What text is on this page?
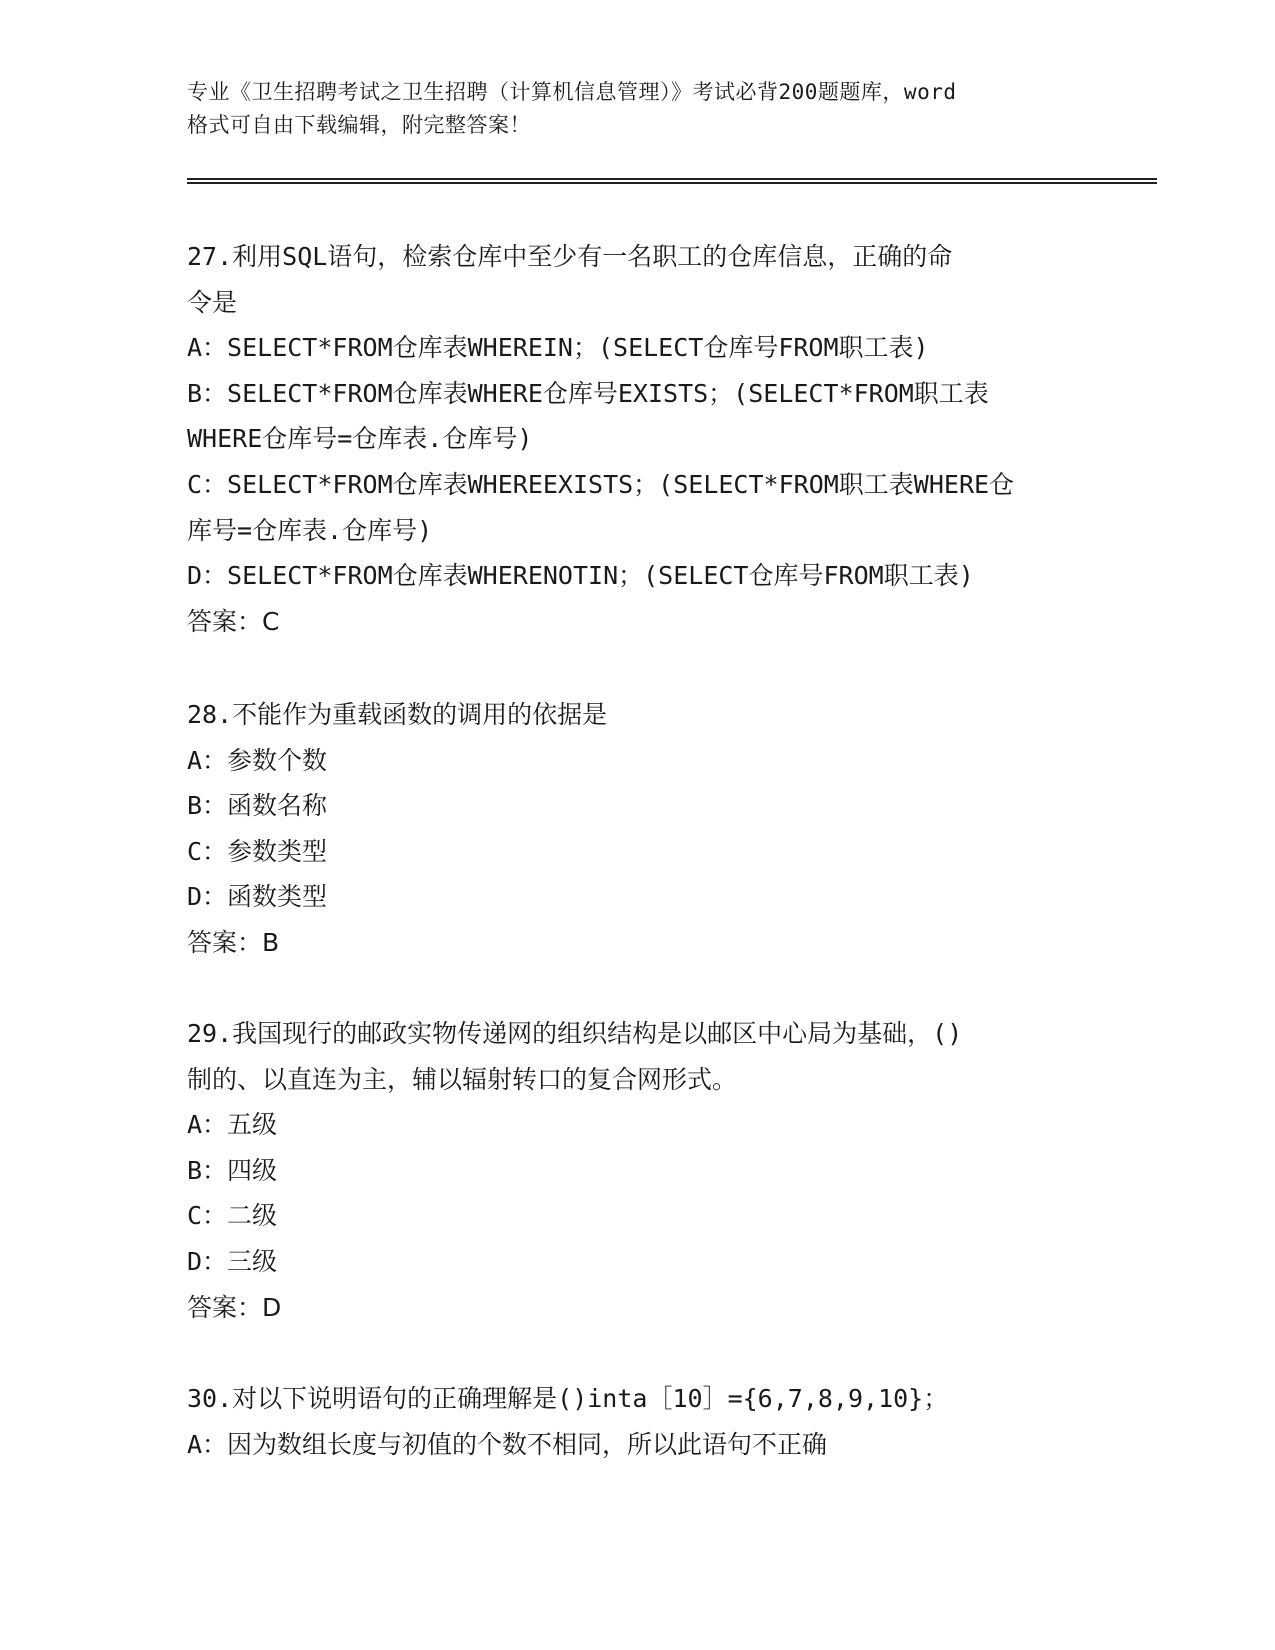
专业《卫生招聘考试之卫生招聘（计算机信息管理）》考试必背200题题库，word
格式可自由下载编辑，附完整答案！

27.利用SQL语句，检索仓库中至少有一名职工的仓库信息，正确的命
令是

A：SELECT*FROM仓库表WHEREIN；(SELECT仓库号FROM职工表)

B：SELECT*FROM仓库表WHERE仓库号EXISTS；(SELECT*FROM职工表
WHERE仓库号=仓库表.仓库号)

C：SELECT*FROM仓库表WHEREEXISTS；(SELECT*FROM职工表WHERE仓
库号=仓库表.仓库号)

D：SELECT*FROM仓库表WHERENOTIN；(SELECT仓库号FROM职工表)

答案：C

28.不能作为重载函数的调用的依据是

A：参数个数

B：函数名称

C：参数类型

D：函数类型

答案：B

29.我国现行的邮政实物传递网的组织结构是以邮区中心局为基础，()
制的、以直连为主，辅以辐射转口的复合网形式。

A：五级

B：四级

C：二级

D：三级

答案：D

30.对以下说明语句的正确理解是()inta［10］={6,7,8,9,10}；

A：因为数组长度与初值的个数不相同，所以此语句不正确
